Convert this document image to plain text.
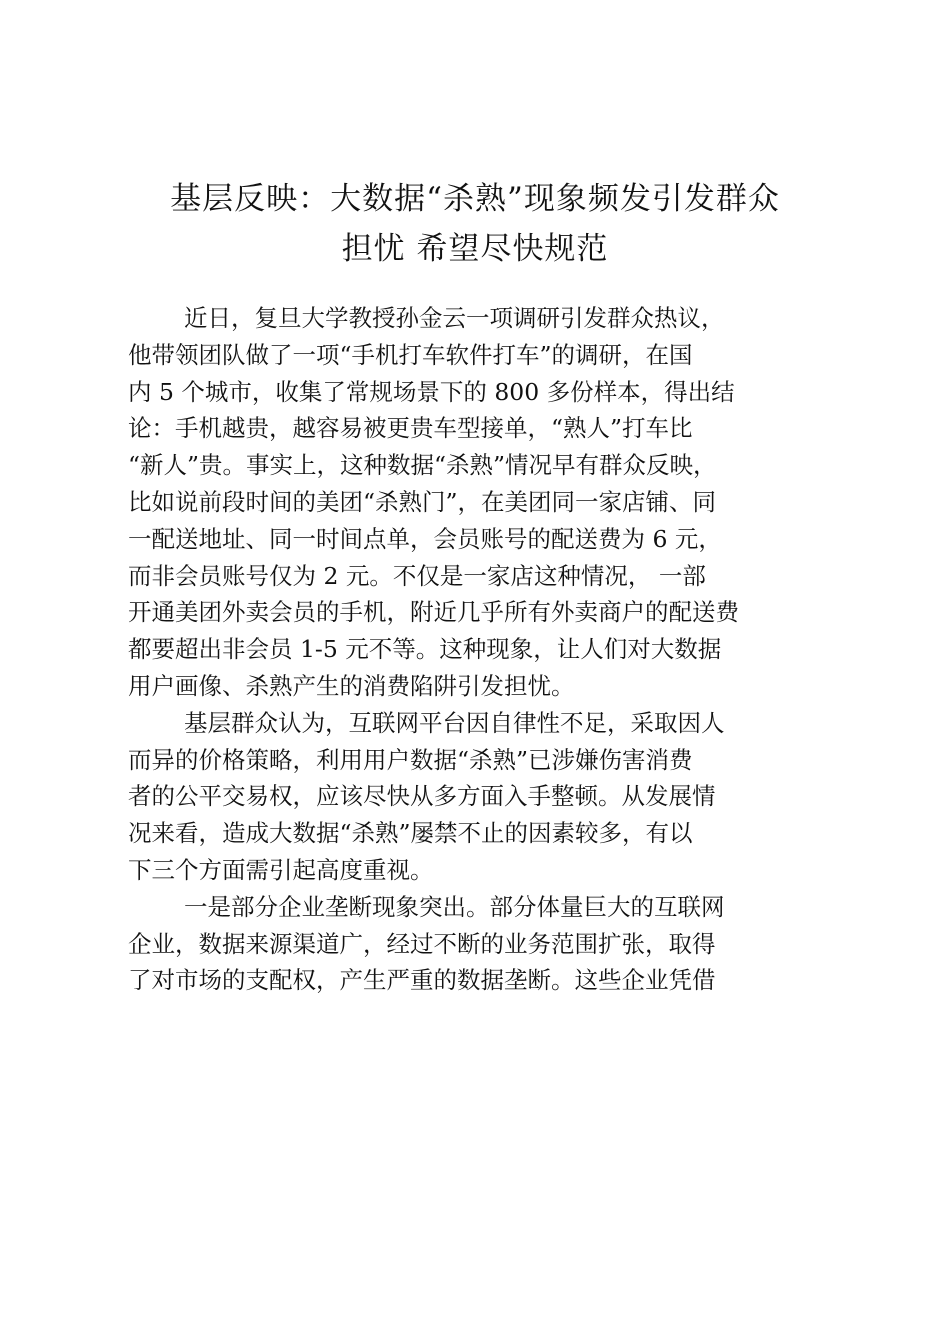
基层反映：大数据“杀熟”现象频发引发群众
担忧 希望尽快规范
近日，复旦大学教授孙金云一项调研引发群众热议，
他带领团队做了一项“手机打车软件打车”的调研，在国
内 5 个城市，收集了常规场景下的 800 多份样本，得出结
论：手机越贵，越容易被更贵车型接单，“熟人”打车比
“新人”贵。事实上，这种数据“杀熟”情况早有群众反映，
比如说前段时间的美团“杀熟门”，在美团同一家店铺、同
一配送地址、同一时间点单，会员账号的配送费为 6 元，
而非会员账号仅为 2 元。不仅是一家店这种情况， 一部
开通美团外卖会员的手机，附近几乎所有外卖商户的配送费
都要超出非会员 1-5 元不等。这种现象，让人们对大数据
用户画像、杀熟产生的消费陷阱引发担忧。
基层群众认为，互联网平台因自律性不足，采取因人
而异的价格策略，利用用户数据“杀熟”已涉嫌伤害消费
者的公平交易权，应该尽快从多方面入手整顿。从发展情
况来看，造成大数据“杀熟”屡禁不止的因素较多，有以
下三个方面需引起高度重视。
一是部分企业垄断现象突出。部分体量巨大的互联网
企业，数据来源渠道广，经过不断的业务范围扩张，取得
了对市场的支配权，产生严重的数据垄断。这些企业凭借
